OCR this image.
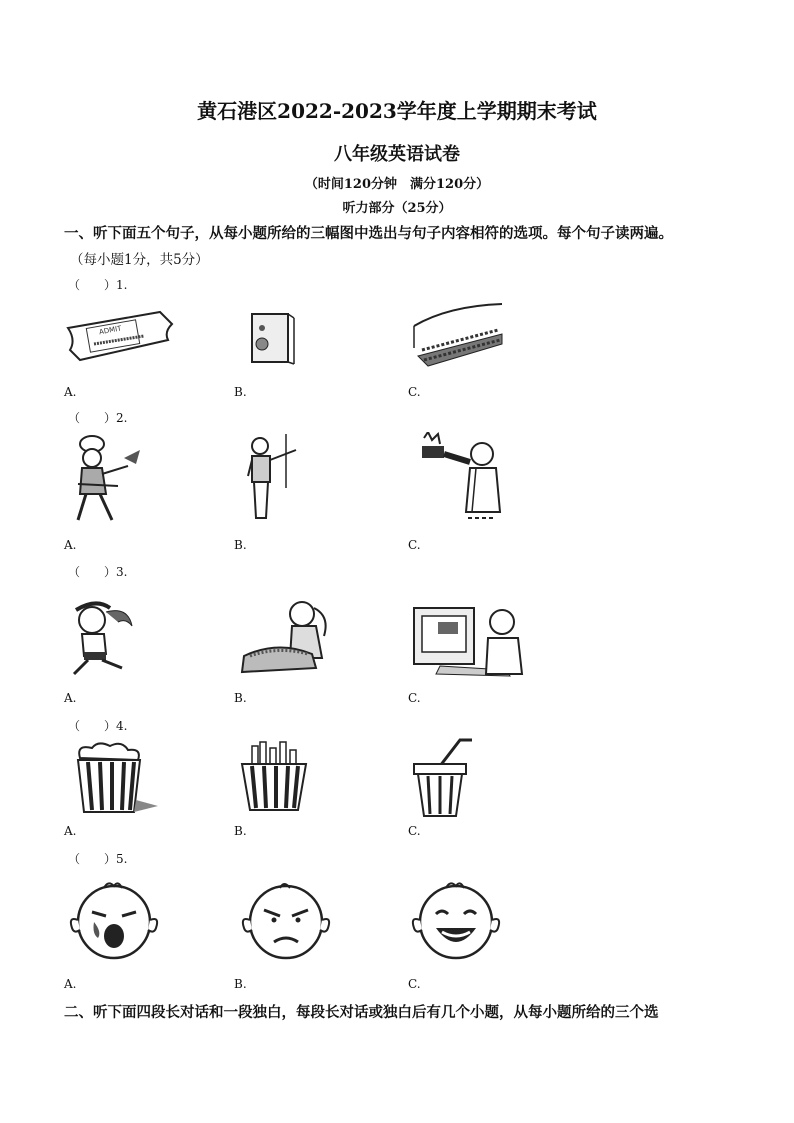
黄石港区2022-2023学年度上学期期末考试
八年级英语试卷
（时间120分钟　满分120分）
听力部分（25分）
一、听下面五个句子，从每小题所给的三幅图中选出与句子内容相符的选项。每个句子读两遍。
（每小题1分，共5分）
（　　）1.
ADMIT
A.	B.	C.
（　　）2.
A.	B.	C.
（　　）3.
A.	B.	C.
（　　）4.
A.	B.	C.
（　　）5.
A.	B.	C.
二、听下面四段长对话和一段独白，每段长对话或独白后有几个小题，从每小题所给的三个选
